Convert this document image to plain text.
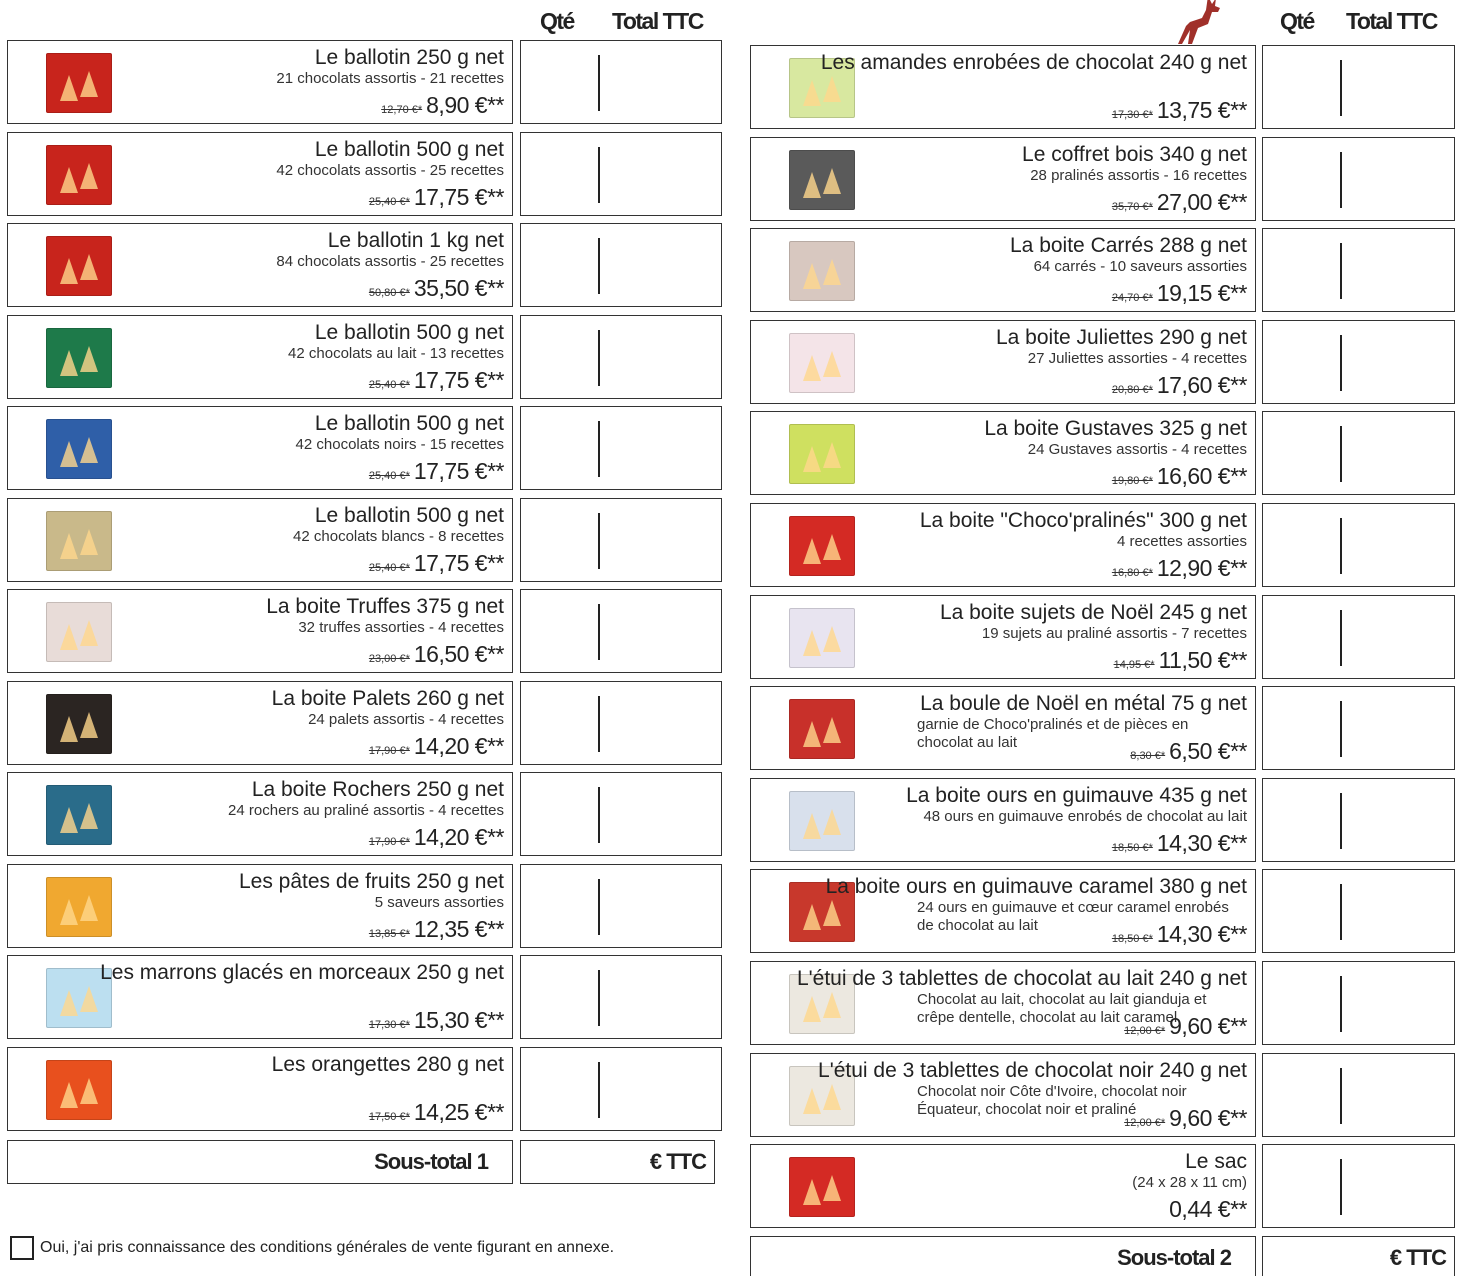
Qté Total TTC	Qté Total TTC
Le ballotin 250 g net
21 chocolats assortis - 21 recettes
12,70 €* 8,90 €**
Le ballotin 500 g net
42 chocolats assortis - 25 recettes
25,40 €* 17,75 €**
Le ballotin 1 kg net
84 chocolats assortis - 25 recettes
50,80 €* 35,50 €**
Le ballotin 500 g net
42 chocolats au lait - 13 recettes
25,40 €* 17,75 €**
Le ballotin 500 g net
42 chocolats noirs - 15 recettes
25,40 €* 17,75 €**
Le ballotin 500 g net
42 chocolats blancs - 8 recettes
25,40 €* 17,75 €**
La boite Truffes 375 g net
32 truffes assorties - 4 recettes
23,00 €* 16,50 €**
La boite Palets 260 g net
24 palets assortis - 4 recettes
17,90 €* 14,20 €**
La boite Rochers 250 g net
24 rochers au praliné assortis - 4 recettes
17,90 €* 14,20 €**
Les pâtes de fruits 250 g net
5 saveurs assorties
13,85 €* 12,35 €**
Les marrons glacés en morceaux 250 g net
17,30 €* 15,30 €**
Les orangettes 280 g net
17,50 €* 14,25 €**
Sous-total 1	€ TTC
Les amandes enrobées de chocolat 240 g net
17,30 €* 13,75 €**
Le coffret bois 340 g net
28 pralinés assortis - 16 recettes
35,70 €* 27,00 €**
La boite Carrés 288 g net
64 carrés - 10 saveurs assorties
24,70 €* 19,15 €**
La boite Juliettes 290 g net
27 Juliettes assorties - 4 recettes
20,80 €* 17,60 €**
La boite Gustaves 325 g net
24 Gustaves assortis - 4 recettes
19,80 €* 16,60 €**
La boite "Choco'pralinés" 300 g net
4 recettes assorties
16,80 €* 12,90 €**
La boite sujets de Noël 245 g net
19 sujets au praliné assortis - 7 recettes
14,95 €* 11,50 €**
La boule de Noël en métal 75 g net
garnie de Choco'pralinés et de pièces en chocolat au lait
8,30 €* 6,50 €**
La boite ours en guimauve 435 g net
48 ours en guimauve enrobés de chocolat au lait
18,50 €* 14,30 €**
La boite ours en guimauve caramel 380 g net
24 ours en guimauve et cœur caramel enrobés de chocolat au lait
18,50 €* 14,30 €**
L'étui de 3 tablettes de chocolat au lait 240 g net
Chocolat au lait, chocolat au lait gianduja et crêpe dentelle, chocolat au lait caramel
12,00 €* 9,60 €**
L'étui de 3 tablettes de chocolat noir 240 g net
Chocolat noir Côte d'Ivoire, chocolat noir Équateur, chocolat noir et praliné
12,00 €* 9,60 €**
Le sac
(24 x 28 x 11 cm)
0,44 €**
Sous-total 2	€ TTC
Oui, j'ai pris connaissance des conditions générales de vente figurant en annexe.
